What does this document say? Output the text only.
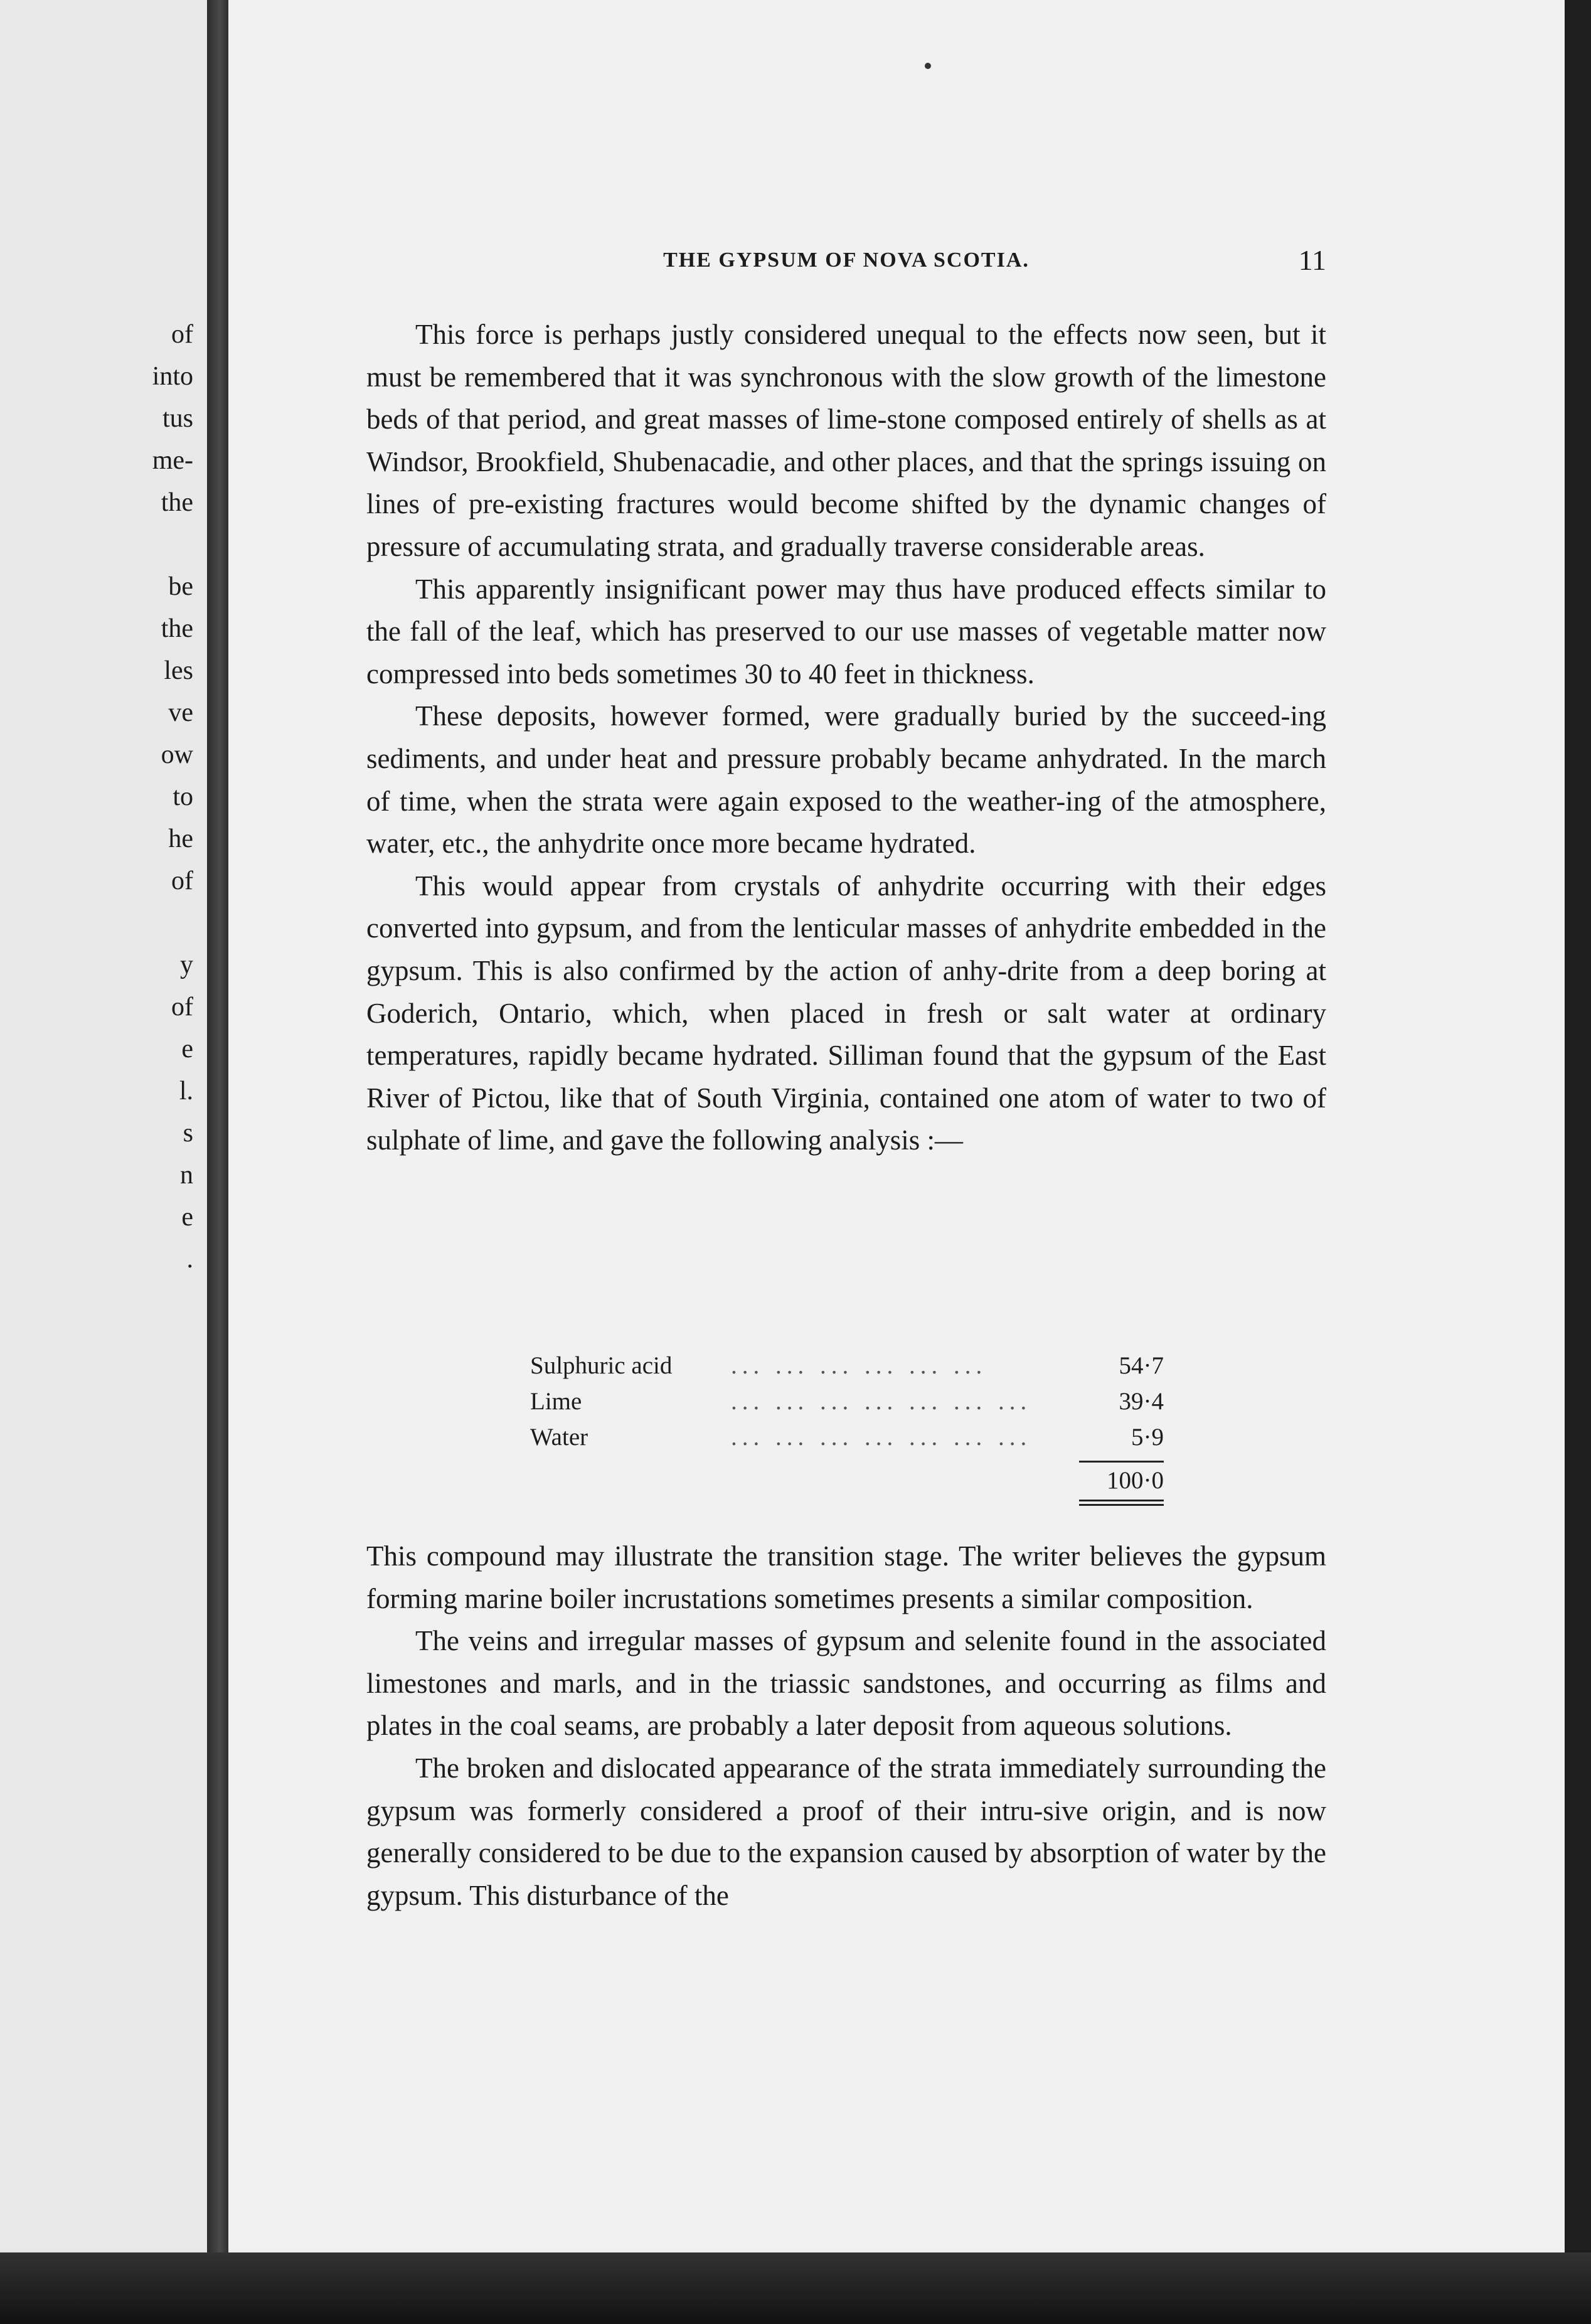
of
into
tus
me-
the
be
the
les
ve
ow
to
he
of
y
of
e
l.
s
n
e
.
THE GYPSUM OF NOVA SCOTIA.	11

This force is perhaps justly considered unequal to the effects now seen, but it must be remembered that it was synchronous with the slow growth of the limestone beds of that period, and great masses of lime-stone composed entirely of shells as at Windsor, Brookfield, Shubenacadie, and other places, and that the springs issuing on lines of pre-existing fractures would become shifted by the dynamic changes of pressure of accumulating strata, and gradually traverse considerable areas.

This apparently insignificant power may thus have produced effects similar to the fall of the leaf, which has preserved to our use masses of vegetable matter now compressed into beds sometimes 30 to 40 feet in thickness.

These deposits, however formed, were gradually buried by the succeed-ing sediments, and under heat and pressure probably became anhydrated. In the march of time, when the strata were again exposed to the weather-ing of the atmosphere, water, etc., the anhydrite once more became hydrated.

This would appear from crystals of anhydrite occurring with their edges converted into gypsum, and from the lenticular masses of anhydrite embedded in the gypsum. This is also confirmed by the action of anhy-drite from a deep boring at Goderich, Ontario, which, when placed in fresh or salt water at ordinary temperatures, rapidly became hydrated. Silliman found that the gypsum of the East River of Pictou, like that of South Virginia, contained one atom of water to two of sulphate of lime, and gave the following analysis :—

Sulphuric acid	... ... ... ... ... ...	54·7
Lime	... ... ... ... ... ... ...	39·4
Water	... ... ... ... ... ... ...	5·9
100·0

This compound may illustrate the transition stage. The writer believes the gypsum forming marine boiler incrustations sometimes presents a similar composition.

The veins and irregular masses of gypsum and selenite found in the associated limestones and marls, and in the triassic sandstones, and occurring as films and plates in the coal seams, are probably a later deposit from aqueous solutions.

The broken and dislocated appearance of the strata immediately surrounding the gypsum was formerly considered a proof of their intru-sive origin, and is now generally considered to be due to the expansion caused by absorption of water by the gypsum. This disturbance of the
